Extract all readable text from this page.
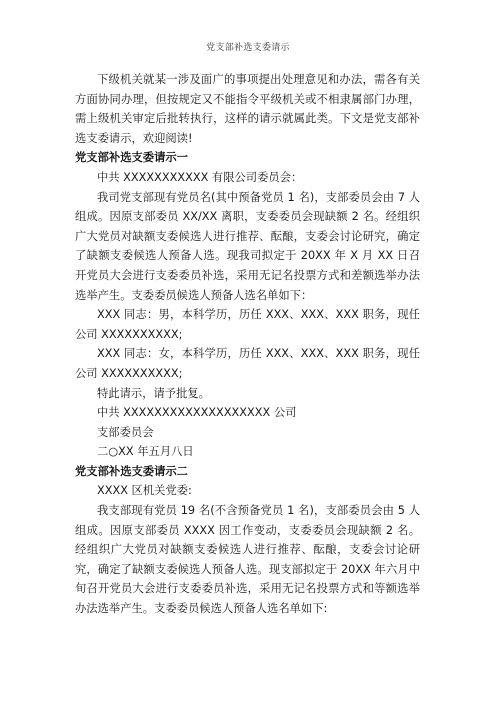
党支部补选支委请示

下级机关就某一涉及面广的事项提出处理意见和办法，需各有关方面协同办理，但按规定又不能指令平级机关或不相隶属部门办理，需上级机关审定后批转执行，这样的请示就属此类。下文是党支部补选支委请示，欢迎阅读!

党支部补选支委请示一

中共 XXXXXXXXXXX 有限公司委员会：

我司党支部现有党员名(其中预备党员 1 名)，支部委员会由 7 人组成。因原支部委员 XX/XX 离职，支委委员会现缺额 2 名。经组织广大党员对缺额支委候选人进行推荐、酝酿，支委会讨论研究，确定了缺额支委候选人预备人选。现我司拟定于 20XX 年 X 月 XX 日召开党员大会进行支委委员补选，采用无记名投票方式和差额选举办法选举产生。支委委员候选人预备人选名单如下：

XXX 同志：男，本科学历，历任 XXX、XXX、XXX 职务，现任公司 XXXXXXXXXX;

XXX 同志：女，本科学历，历任 XXX、XXX、XXX 职务，现任公司 XXXXXXXXXX;

特此请示，请予批复。

中共 XXXXXXXXXXXXXXXXXXX 公司

支部委员会

二○XX 年五月八日

党支部补选支委请示二

XXXX 区机关党委:

我支部现有党员 19 名(不含预备党员 1 名)，支部委员会由 5 人组成。因原支部委员 XXXX 因工作变动，支委委员会现缺额 2 名。经组织广大党员对缺额支委候选人进行推荐、酝酿，支委会讨论研究，确定了缺额支委候选人预备人选。现支部拟定于 20XX 年六月中旬召开党员大会进行支委委员补选，采用无记名投票方式和等额选举办法选举产生。支委委员候选人预备人选名单如下:
